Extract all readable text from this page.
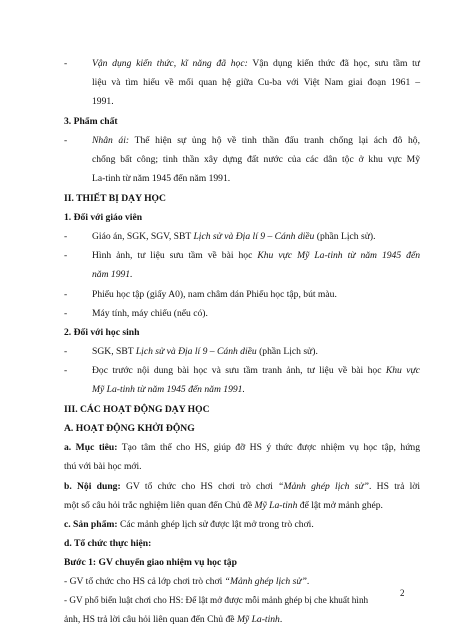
-	Vận dụng kiến thức, kĩ năng đã học: Vận dụng kiến thức đã học, sưu tầm tư
liệu và tìm hiểu về mối quan hệ giữa Cu-ba với Việt Nam giai đoạn 1961 –
1991.
3. Phẩm chất
-	Nhân ái: Thể hiện sự ủng hộ về tinh thần đấu tranh chống lại ách đô hộ,
chống bất công; tinh thần xây dựng đất nước của các dân tộc ở khu vực Mỹ
La-tinh từ năm 1945 đến năm 1991.
II. THIẾT BỊ DẠY HỌC
1. Đối với giáo viên
-	Giáo án, SGK, SGV, SBT Lịch sử và Địa lí 9 – Cánh diều (phần Lịch sử).
-	Hình ảnh, tư liệu sưu tầm về bài học Khu vực Mỹ La-tinh từ năm 1945 đến
năm 1991.
-	Phiếu học tập (giấy A0), nam châm dán Phiếu học tập, bút màu.
-	Máy tính, máy chiếu (nếu có).
2. Đối với học sinh
-	SGK, SBT Lịch sử và Địa lí 9 – Cánh diều (phần Lịch sử).
-	Đọc trước nội dung bài học và sưu tầm tranh ảnh, tư liệu về bài học Khu vực
Mỹ La-tinh từ năm 1945 đến năm 1991.
III. CÁC HOẠT ĐỘNG DẠY HỌC
A. HOẠT ĐỘNG KHỞI ĐỘNG
a. Mục tiêu: Tạo tâm thế cho HS, giúp đỡ HS ý thức được nhiệm vụ học tập, hứng
thú với bài học mới.
b. Nội dung: GV tổ chức cho HS chơi trò chơi “Mảnh ghép lịch sử”. HS trả lời
một số câu hỏi trắc nghiệm liên quan đến Chủ đề Mỹ La-tinh để lật mở mảnh ghép.
c. Sản phẩm: Các mảnh ghép lịch sử được lật mở trong trò chơi.
d. Tổ chức thực hiện:
Bước 1: GV chuyển giao nhiệm vụ học tập
- GV tổ chức cho HS cả lớp chơi trò chơi “Mảnh ghép lịch sử”.
- GV phổ biến luật chơi cho HS: Để lật mở được mỗi mảnh ghép bị che khuất hình
ảnh, HS trả lời câu hỏi liên quan đến Chủ đề Mỹ La-tinh.
2
